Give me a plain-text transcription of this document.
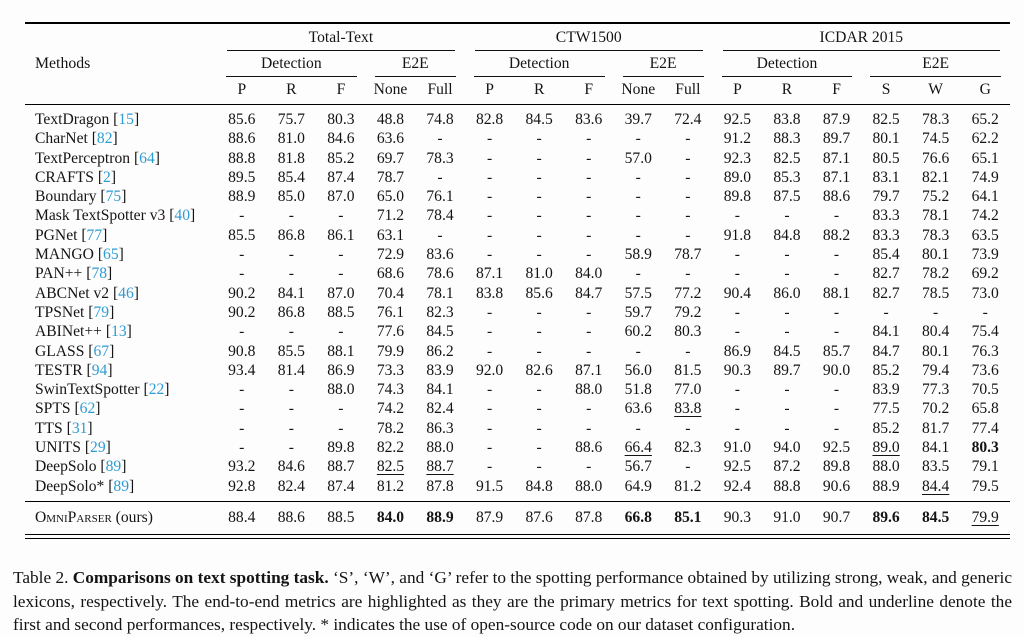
Methods	Total-Text					CTW1500					ICDAR 2015					

	Detection			E2E		Detection			E2E		Detection			E2E		

	P	R	F	None	Full	P	R	F	None	Full	P	R	F	S	W	G
TextDragon [15]	85.6	75.7	80.3	48.8	74.8	82.8	84.5	83.6	39.7	72.4	92.5	83.8	87.9	82.5	78.3	65.2
CharNet [82]	88.6	81.0	84.6	63.6	-	-	-	-	-	-	91.2	88.3	89.7	80.1	74.5	62.2
TextPerceptron [64]	88.8	81.8	85.2	69.7	78.3	-	-	-	57.0	-	92.3	82.5	87.1	80.5	76.6	65.1
CRAFTS [2]	89.5	85.4	87.4	78.7	-	-	-	-	-	-	89.0	85.3	87.1	83.1	82.1	74.9
Boundary [75]	88.9	85.0	87.0	65.0	76.1	-	-	-	-	-	89.8	87.5	88.6	79.7	75.2	64.1
Mask TextSpotter v3 [40]	-	-	-	71.2	78.4	-	-	-	-	-	-	-	-	83.3	78.1	74.2
PGNet [77]	85.5	86.8	86.1	63.1	-	-	-	-	-	-	91.8	84.8	88.2	83.3	78.3	63.5
MANGO [65]	-	-	-	72.9	83.6	-	-	-	58.9	78.7	-	-	-	85.4	80.1	73.9
PAN++ [78]	-	-	-	68.6	78.6	87.1	81.0	84.0	-	-	-	-	-	82.7	78.2	69.2
ABCNet v2 [46]	90.2	84.1	87.0	70.4	78.1	83.8	85.6	84.7	57.5	77.2	90.4	86.0	88.1	82.7	78.5	73.0
TPSNet [79]	90.2	86.8	88.5	76.1	82.3	-	-	-	59.7	79.2	-	-	-	-	-	-
ABINet++ [13]	-	-	-	77.6	84.5	-	-	-	60.2	80.3	-	-	-	84.1	80.4	75.4
GLASS [67]	90.8	85.5	88.1	79.9	86.2	-	-	-	-	-	86.9	84.5	85.7	84.7	80.1	76.3
TESTR [94]	93.4	81.4	86.9	73.3	83.9	92.0	82.6	87.1	56.0	81.5	90.3	89.7	90.0	85.2	79.4	73.6
SwinTextSpotter [22]	-	-	88.0	74.3	84.1	-	-	88.0	51.8	77.0	-	-	-	83.9	77.3	70.5
SPTS [62]	-	-	-	74.2	82.4	-	-	-	63.6	83.8	-	-	-	77.5	70.2	65.8
TTS [31]	-	-	-	78.2	86.3	-	-	-	-	-	-	-	-	85.2	81.7	77.4
UNITS [29]	-	-	89.8	82.2	88.0	-	-	88.6	66.4	82.3	91.0	94.0	92.5	89.0	84.1	80.3
DeepSolo [89]	93.2	84.6	88.7	82.5	88.7	-	-	-	56.7	-	92.5	87.2	89.8	88.0	83.5	79.1
DeepSolo* [89]	92.8	82.4	87.4	81.2	87.8	91.5	84.8	88.0	64.9	81.2	92.4	88.8	90.6	88.9	84.4	79.5
OmniParser (ours)	88.4	88.6	88.5	84.0	88.9	87.9	87.6	87.8	66.8	85.1	90.3	91.0	90.7	89.6	84.5	79.9

Table 2. Comparisons on text spotting task. ‘S’, ‘W’, and ‘G’ refer to the spotting performance obtained by utilizing strong, weak, and generic lexicons, respectively. The end-to-end metrics are highlighted as they are the primary metrics for text spotting. Bold and underline denote the first and second performances, respectively. * indicates the use of open-source code on our dataset configuration.
